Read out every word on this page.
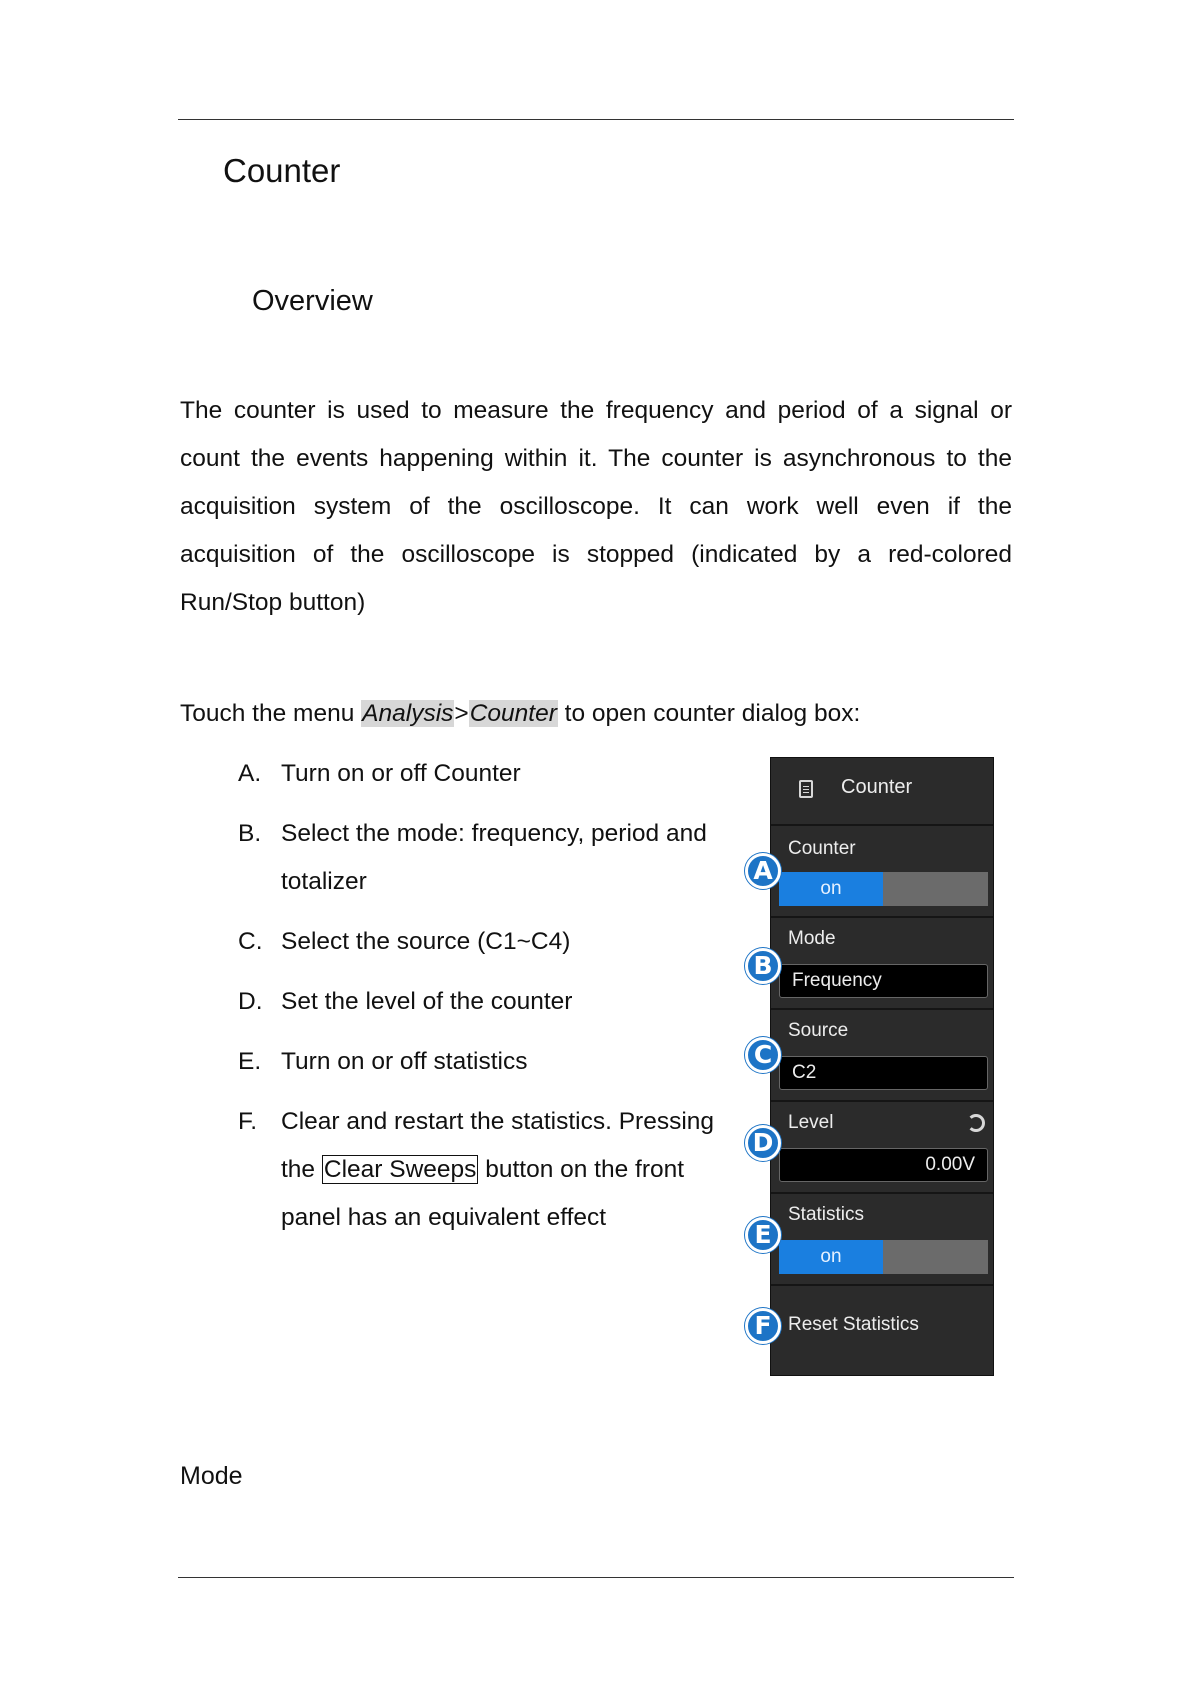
Counter
Overview

The counter is used to measure the frequency and period of a signal or count the events happening within it. The counter is asynchronous to the acquisition system of the oscilloscope. It can work well even if the acquisition of the oscilloscope is stopped (indicated by a red-colored Run/Stop button)

Touch the menu Analysis>Counter to open counter dialog box:

A. Turn on or off Counter
B. Select the mode: frequency, period and totalizer
C. Select the source (C1~C4)
D. Set the level of the counter
E. Turn on or off statistics
F. Clear and restart the statistics. Pressing the Clear Sweeps button on the front panel has an equivalent effect
Counter
Counter
on
Mode
Frequency
Source
C2
Level
0.00V
Statistics
on
Reset Statistics
A
B
C
D
E
F
Mode
